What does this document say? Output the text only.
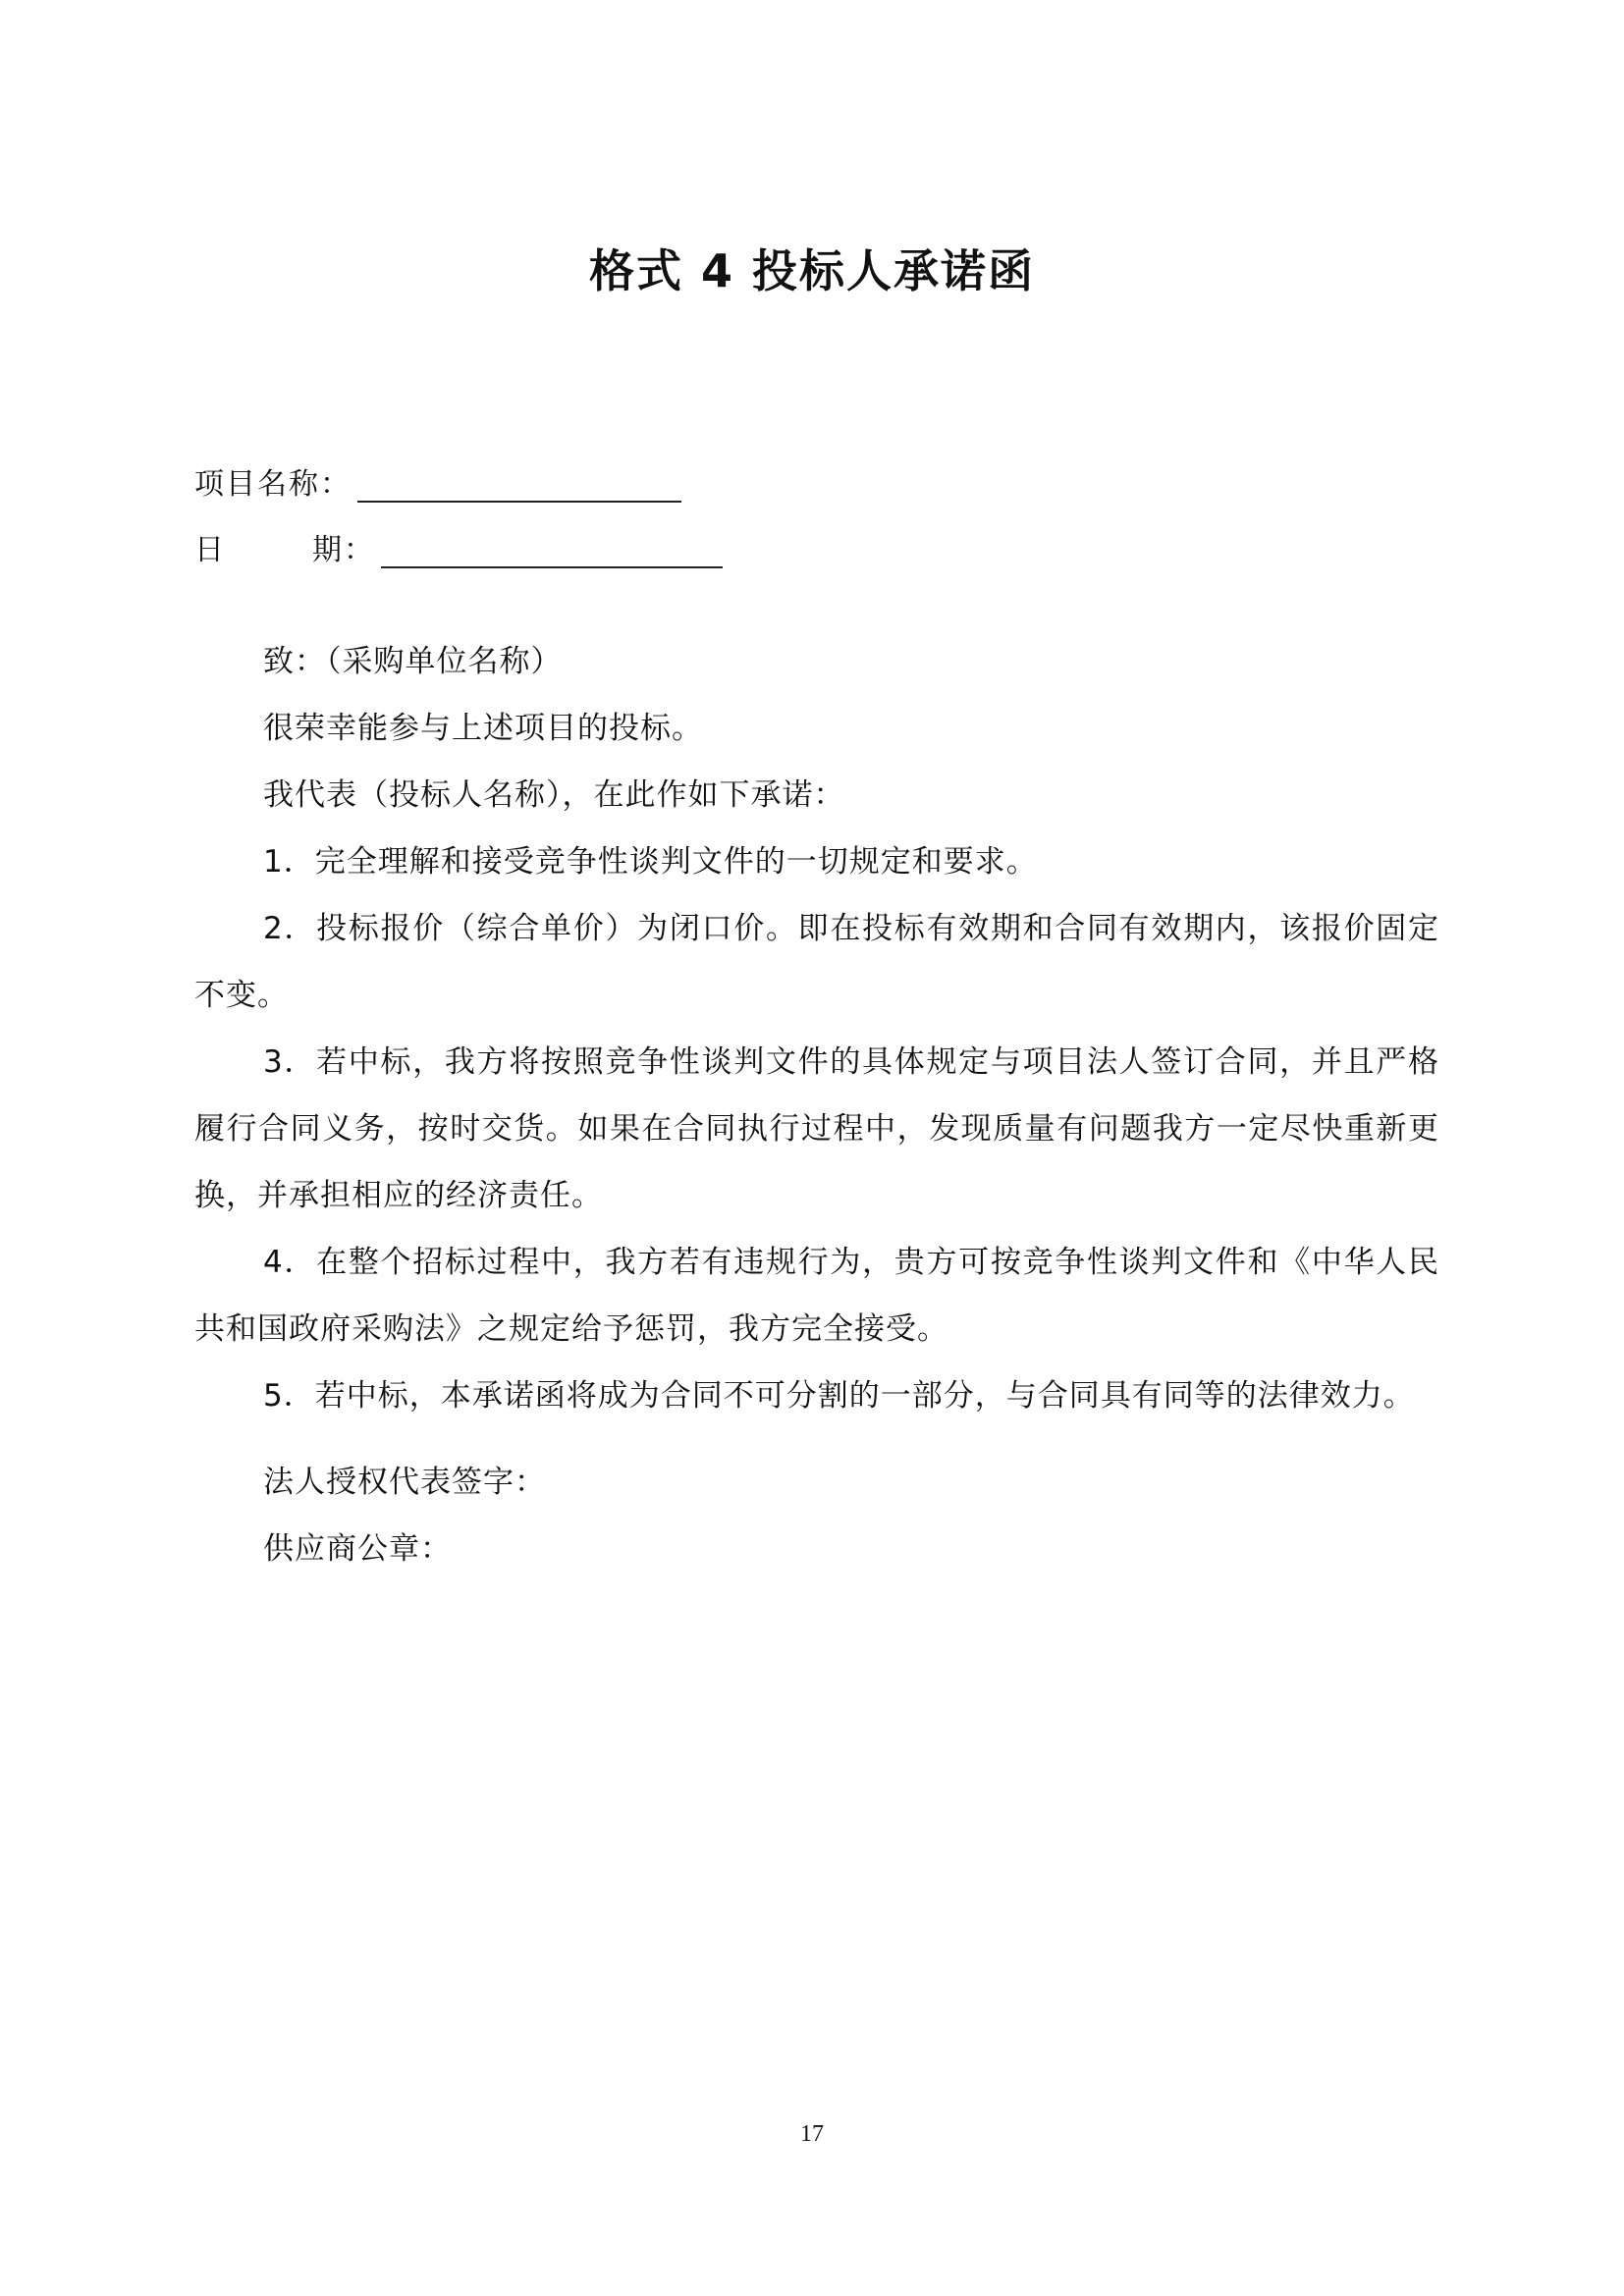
格式 4 投标人承诺函
项目名称：
日	期：

致：（采购单位名称）

很荣幸能参与上述项目的投标。

我代表（投标人名称），在此作如下承诺：

1．完全理解和接受竞争性谈判文件的一切规定和要求。

2．投标报价（综合单价）为闭口价。即在投标有效期和合同有效期内，该报价固定不变。

3．若中标，我方将按照竞争性谈判文件的具体规定与项目法人签订合同，并且严格履行合同义务，按时交货。如果在合同执行过程中，发现质量有问题我方一定尽快重新更换，并承担相应的经济责任。

4．在整个招标过程中，我方若有违规行为，贵方可按竞争性谈判文件和《中华人民共和国政府采购法》之规定给予惩罚，我方完全接受。

5．若中标，本承诺函将成为合同不可分割的一部分，与合同具有同等的法律效力。

法人授权代表签字：

供应商公章：

17
